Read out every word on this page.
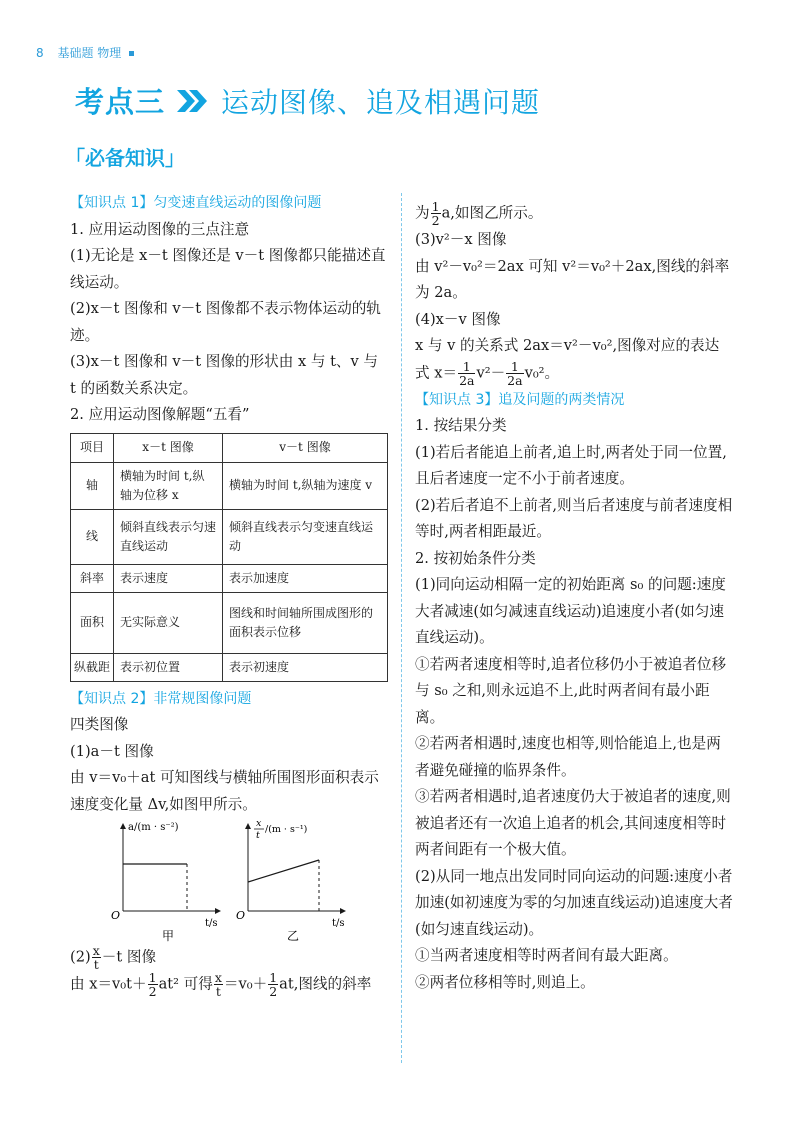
8 基础题 物理
考点三 运动图像、追及相遇问题
「 必备知识 」

【知识点 1】匀变速直线运动的图像问题

1. 应用运动图像的三点注意

(1)无论是 x－t 图像还是 v－t 图像都只能描述直线运动。

(2)x－t 图像和 v－t 图像都不表示物体运动的轨迹。

(3)x－t 图像和 v－t 图像的形状由 x 与 t、v 与 t 的函数关系决定。

2. 应用运动图像解题“五看”

项目	x－t 图像	v－t 图像
轴	横轴为时间 t,纵轴为位移 x	横轴为时间 t,纵轴为速度 v
线	倾斜直线表示匀速直线运动	倾斜直线表示匀变速直线运动
斜率	表示速度	表示加速度
面积	无实际意义	图线和时间轴所围成图形的面积表示位移
纵截距	表示初位置	表示初速度

【知识点 2】非常规图像问题

四类图像

(1)a－t 图像

由 v＝v₀＋at 可知图线与横轴所围图形面积表示速度变化量 Δv,如图甲所示。

a/(m · s⁻²)
t/s
O
甲
x
t
/(m · s⁻¹)
t/s
O
乙

$(2) \frac{x}{t} -t$ 图像

由 $x=v_0t+ \frac{1}{2} at^2$ 可得 $\frac{x}{t} =v_0+ \frac{1}{2}$ at,图线的斜率

为 $\frac{1}{2} a$,如图乙所示。

(3)v²－x 图像

由 v²－v₀²＝2ax 可知 v²＝v₀²＋2ax,图线的斜率为 2a。

(4)x－v 图像

x 与 v 的关系式 2ax＝v²－v₀²,图像对应的表达

式 $x= \frac{1}{2a} v^2- \frac{1}{2a} v_0^2$。

【知识点 3】追及问题的两类情况

1. 按结果分类

(1)若后者能追上前者,追上时,两者处于同一位置,且后者速度一定不小于前者速度。

(2)若后者追不上前者,则当后者速度与前者速度相等时,两者相距最近。

2. 按初始条件分类

(1)同向运动相隔一定的初始距离 s₀ 的问题:速度大者减速(如匀减速直线运动)追速度小者(如匀速直线运动)。

①若两者速度相等时,追者位移仍小于被追者位移与 s₀ 之和,则永远追不上,此时两者间有最小距离。

②若两者相遇时,速度也相等,则恰能追上,也是两者避免碰撞的临界条件。

③若两者相遇时,追者速度仍大于被追者的速度,则被追者还有一次追上追者的机会,其间速度相等时两者间距有一个极大值。

(2)从同一地点出发同时同向运动的问题:速度小者加速(如初速度为零的匀加速直线运动)追速度大者(如匀速直线运动)。

①当两者速度相等时两者间有最大距离。

②两者位移相等时,则追上。
